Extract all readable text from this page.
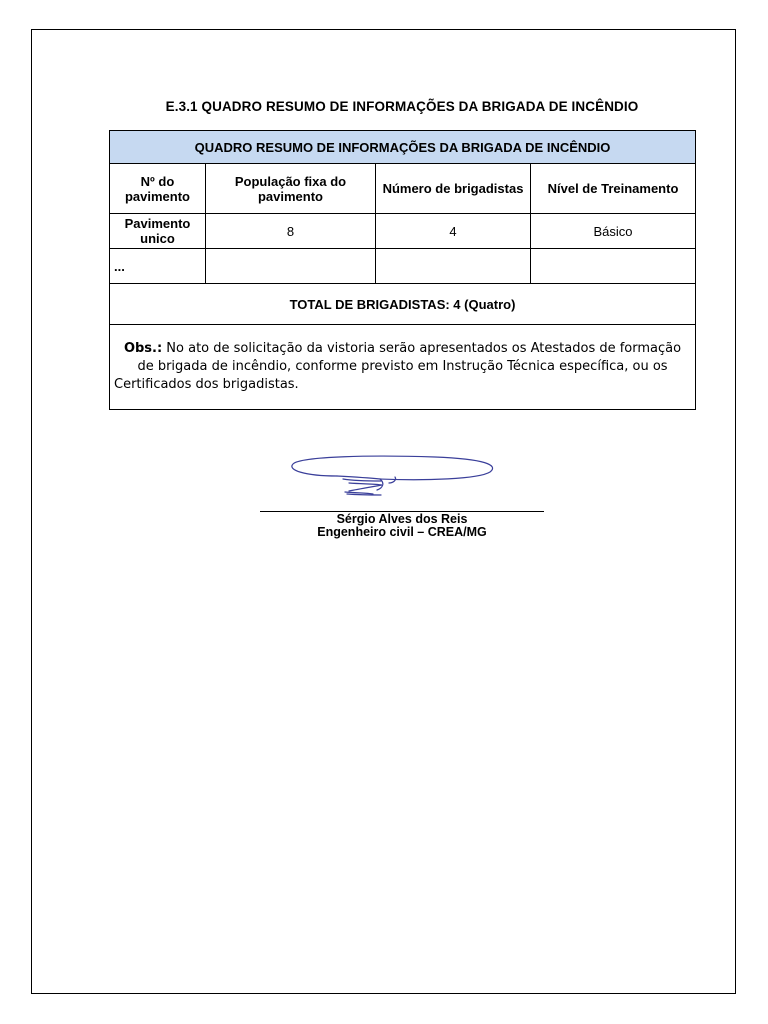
E.3.1 QUADRO RESUMO DE INFORMAÇÕES DA BRIGADA DE INCÊNDIO
QUADRO RESUMO DE INFORMAÇÕES DA BRIGADA DE INCÊNDIO			
Nº do pavimento	População fixa do pavimento	Número de brigadistas	Nível de Treinamento
Pavimento unico	8	4	Básico
...			
TOTAL DE BRIGADISTAS: 4 (Quatro)			
Obs.: No ato de solicitação da vistoria serão apresentados os Atestados de formação de brigada de incêndio, conforme previsto em Instrução Técnica específica, ou os Certificados dos brigadistas.			
Sérgio Alves dos Reis
Engenheiro civil – CREA/MG
